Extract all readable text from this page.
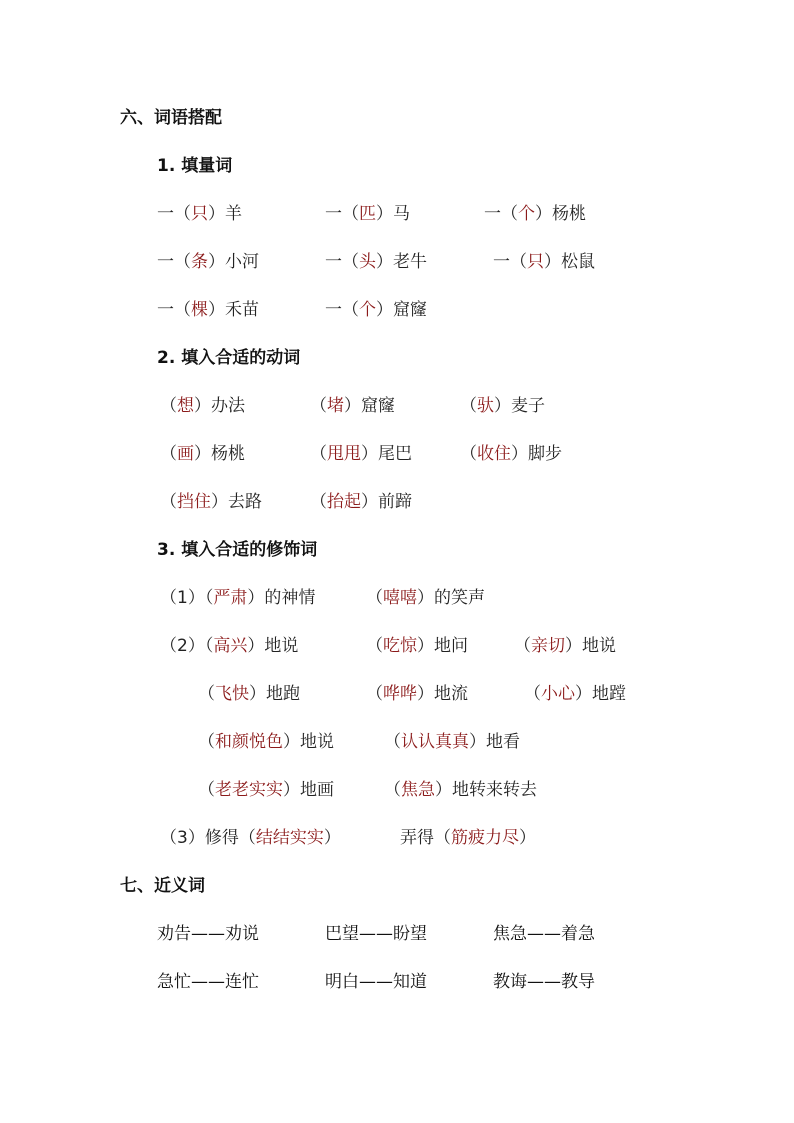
六、词语搭配
1. 填量词
一（只）羊	一（匹）马	一（个）杨桃
一（条）小河	一（头）老牛	一（只）松鼠
一（棵）禾苗	一（个）窟窿
2. 填入合适的动词
（想）办法	（堵）窟窿	（驮）麦子
（画）杨桃	（甩甩）尾巴	（收住）脚步
（挡住）去路	（抬起）前蹄
3. 填入合适的修饰词
（1）（严肃）的神情	（嘻嘻）的笑声
（2）（高兴）地说	（吃惊）地问	（亲切）地说
（飞快）地跑	（哗哗）地流	（小心）地蹚
（和颜悦色）地说	（认认真真）地看
（老老实实）地画	（焦急）地转来转去
（3）修得（结结实实）	弄得（筋疲力尽）
七、近义词
劝告——劝说	巴望——盼望	焦急——着急
急忙——连忙	明白——知道	教诲——教导
